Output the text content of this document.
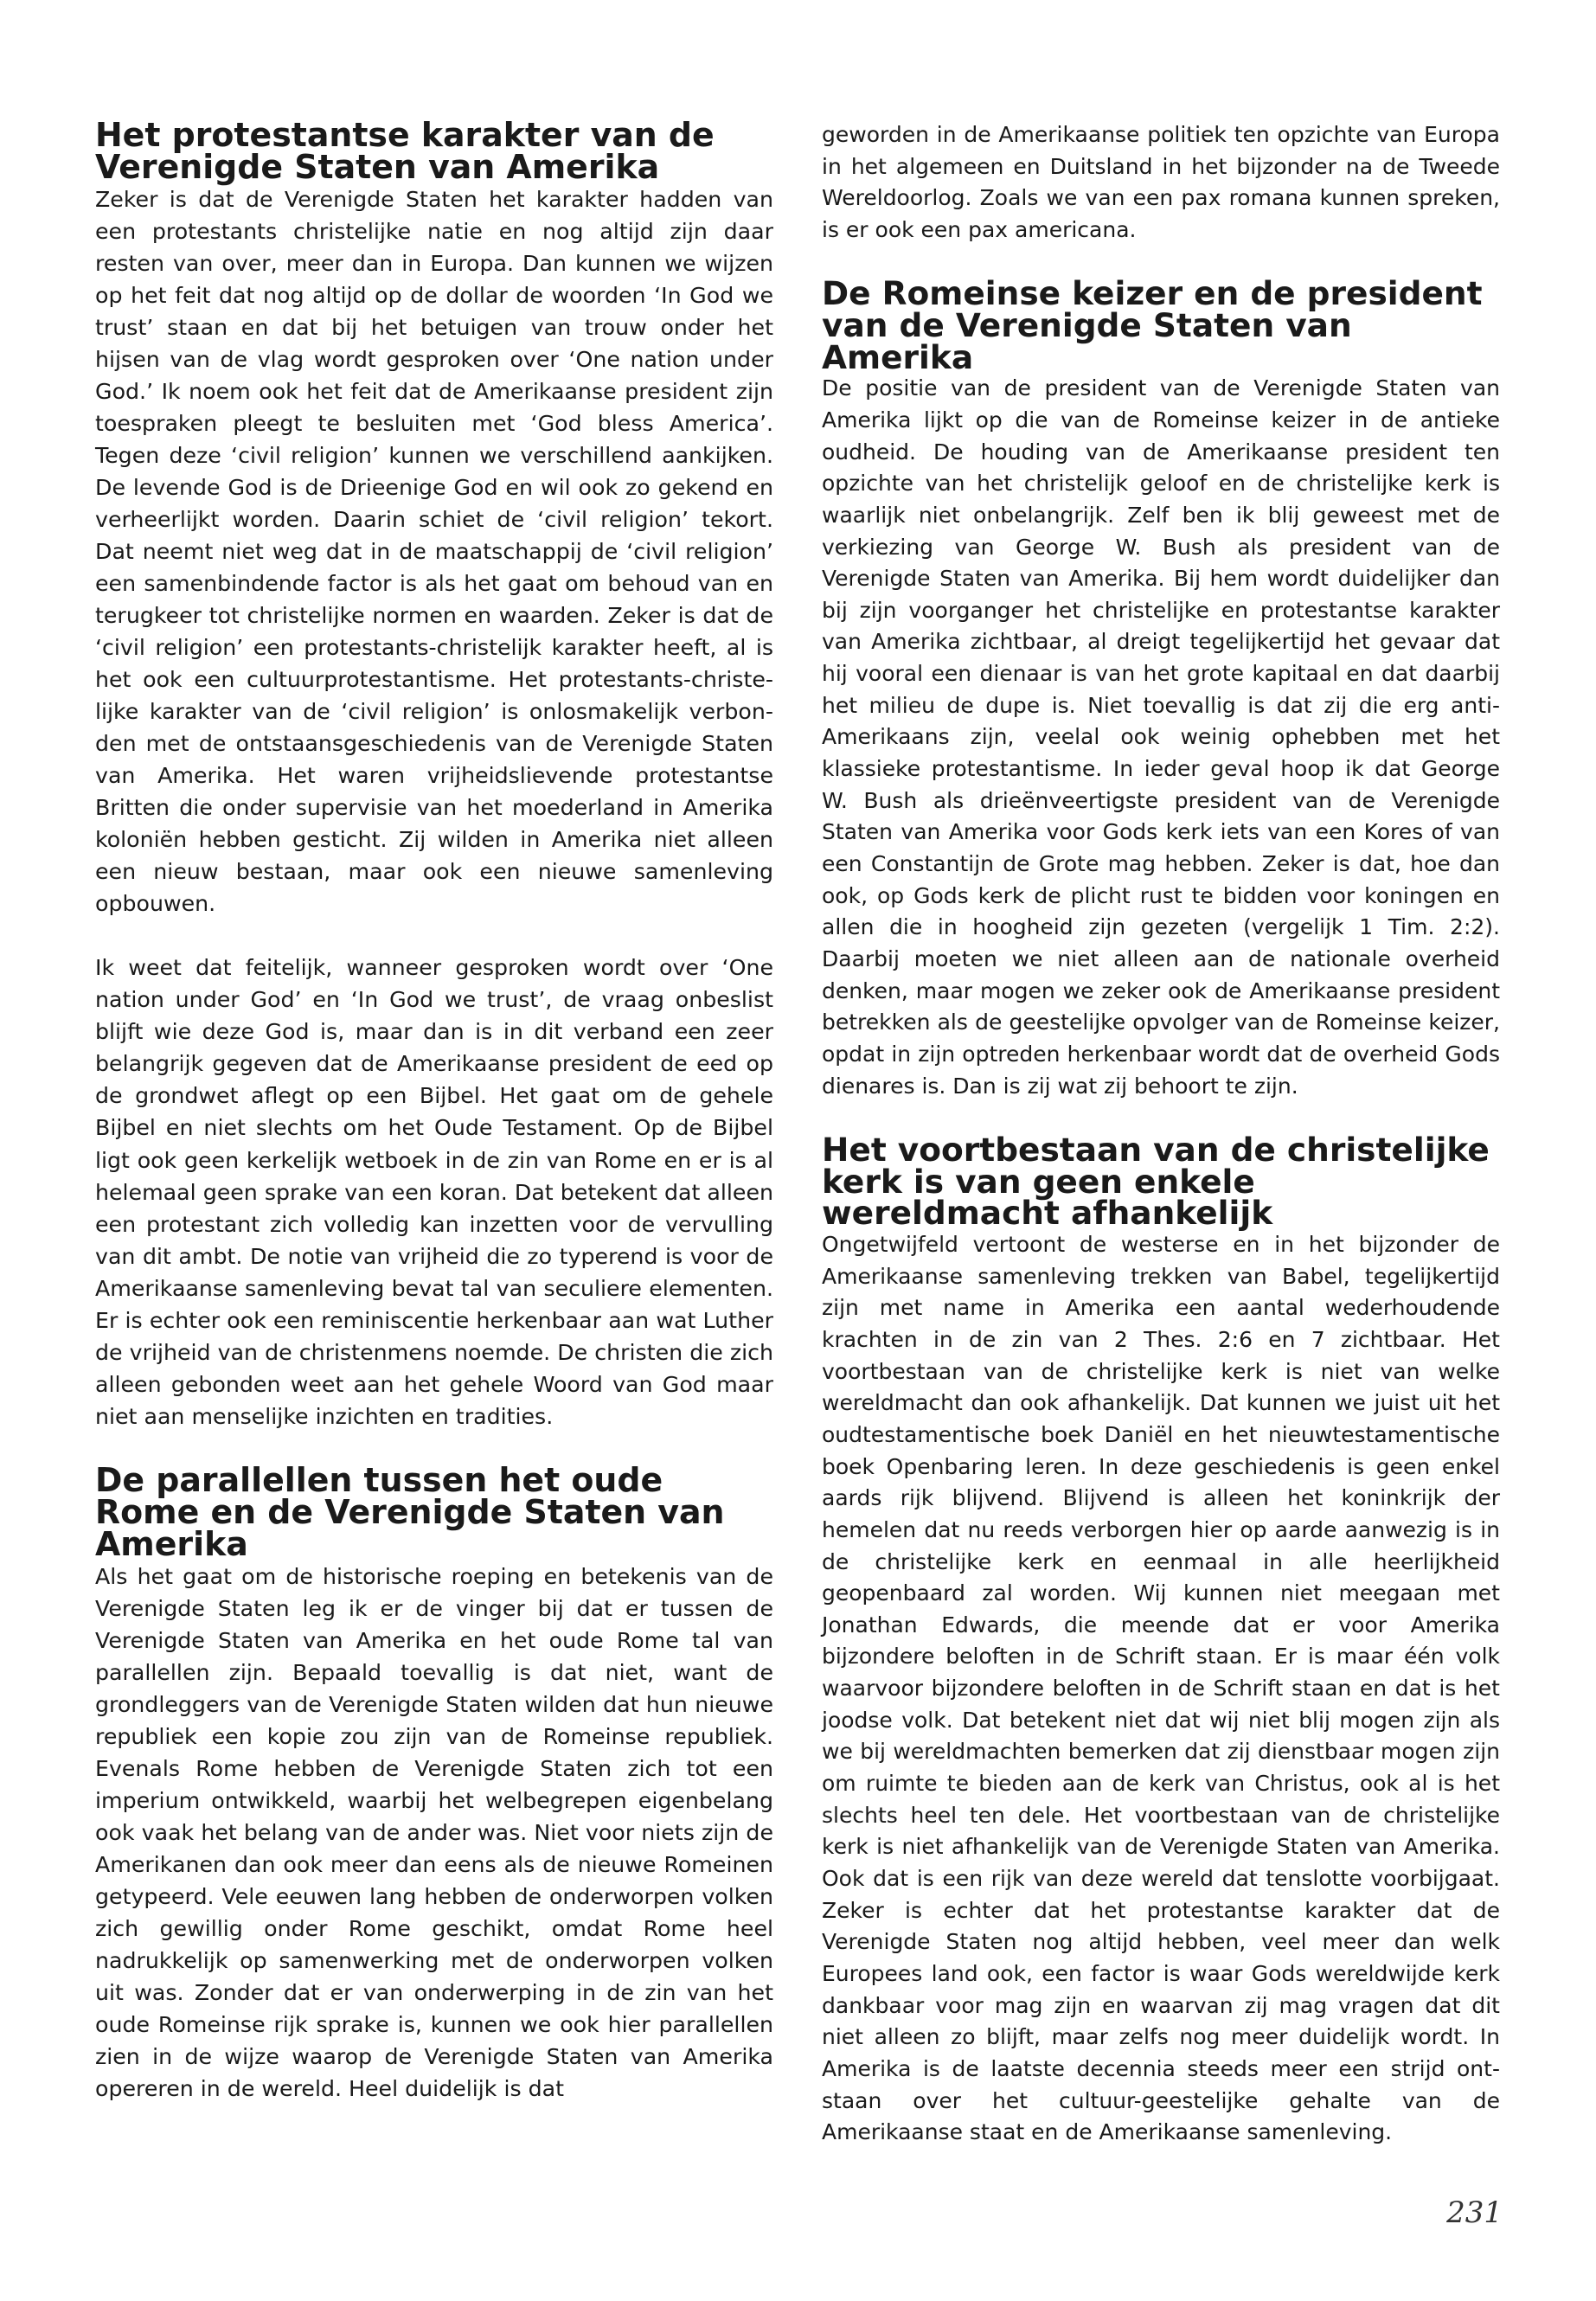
Het protestantse karakter van de Verenigde Staten van Amerika

Zeker is dat de Verenigde Staten het karakter hadden van een protestants christelijke natie en nog altijd zijn daar resten van over, meer dan in Europa. Dan kunnen we wijzen op het feit dat nog altijd op de dollar de woorden ‘In God we trust’ staan en dat bij het betuigen van trouw onder het hijsen van de vlag wordt gesproken over ‘One nation under God.’ Ik noem ook het feit dat de Amerikaanse president zijn toespraken pleegt te besluiten met ‘God bless America’. Tegen deze ‘civil religion’ kunnen we verschillend aankijken. De levende God is de Drieenige God en wil ook zo gekend en verheerlijkt worden. Daarin schiet de ‘civil religion’ tekort. Dat neemt niet weg dat in de maatschappij de ‘civil religion’ een samenbindende factor is als het gaat om behoud van en terugkeer tot christelijke normen en waarden. Zeker is dat de ‘civil religion’ een protestants-christelijk karakter heeft, al is het ook een cultuurprotestantisme. Het protestants-christelijke karakter van de ‘civil religion’ is onlosmakelijk verbonden met de ontstaansgeschiedenis van de Verenigde Staten van Amerika. Het waren vrijheidslievende protestantse Britten die onder supervisie van het moederland in Amerika koloniën hebben gesticht. Zij wilden in Amerika niet alleen een nieuw bestaan, maar ook een nieuwe samenleving opbouwen.

Ik weet dat feitelijk, wanneer gesproken wordt over ‘One nation under God’ en ‘In God we trust’, de vraag onbeslist blijft wie deze God is, maar dan is in dit verband een zeer belangrijk gegeven dat de Amerikaanse president de eed op de grondwet aflegt op een Bijbel. Het gaat om de gehele Bijbel en niet slechts om het Oude Testament. Op de Bijbel ligt ook geen kerkelijk wetboek in de zin van Rome en er is al helemaal geen sprake van een koran. Dat betekent dat alleen een protestant zich volledig kan inzetten voor de vervulling van dit ambt. De notie van vrijheid die zo typerend is voor de Amerikaanse samenleving bevat tal van seculiere elementen. Er is echter ook een reminiscentie herkenbaar aan wat Luther de vrijheid van de christenmens noemde. De christen die zich alleen gebonden weet aan het gehele Woord van God maar niet aan menselijke inzichten en tradities.

De parallellen tussen het oude Rome en de Verenigde Staten van Amerika

Als het gaat om de historische roeping en betekenis van de Verenigde Staten leg ik er de vinger bij dat er tussen de Verenigde Staten van Amerika en het oude Rome tal van parallellen zijn. Bepaald toevallig is dat niet, want de grondleggers van de Verenigde Staten wilden dat hun nieuwe republiek een kopie zou zijn van de Romeinse republiek. Evenals Rome hebben de Verenigde Staten zich tot een imperium ontwikkeld, waarbij het welbegrepen eigenbelang ook vaak het belang van de ander was. Niet voor niets zijn de Amerikanen dan ook meer dan eens als de nieuwe Romeinen getypeerd. Vele eeuwen lang hebben de onderworpen volken zich gewillig onder Rome geschikt, omdat Rome heel nadrukkelijk op samenwerking met de onderworpen volken uit was. Zonder dat er van onderwerping in de zin van het oude Romeinse rijk sprake is, kunnen we ook hier parallellen zien in de wijze waarop de Verenigde Staten van Amerika opereren in de wereld. Heel duidelijk is dat

geworden in de Amerikaanse politiek ten opzichte van Europa in het algemeen en Duitsland in het bijzonder na de Tweede Wereldoorlog. Zoals we van een pax romana kunnen spreken, is er ook een pax americana.

De Romeinse keizer en de president van de Verenigde Staten van Amerika

De positie van de president van de Verenigde Staten van Amerika lijkt op die van de Romeinse keizer in de antieke oudheid. De houding van de Amerikaanse president ten opzichte van het christelijk geloof en de christelijke kerk is waarlijk niet onbelangrijk. Zelf ben ik blij geweest met de verkiezing van George W. Bush als president van de Verenigde Staten van Amerika. Bij hem wordt duidelijker dan bij zijn voorganger het christelijke en protestantse karakter van Amerika zichtbaar, al dreigt tegelijkertijd het gevaar dat hij vooral een dienaar is van het grote kapitaal en dat daarbij het milieu de dupe is. Niet toevallig is dat zij die erg anti-Amerikaans zijn, veelal ook weinig ophebben met het klassieke protestantisme. In ieder geval hoop ik dat George W. Bush als drieënveertigste president van de Verenigde Staten van Amerika voor Gods kerk iets van een Kores of van een Constantijn de Grote mag hebben. Zeker is dat, hoe dan ook, op Gods kerk de plicht rust te bidden voor koningen en allen die in hoogheid zijn gezeten (vergelijk 1 Tim. 2:2). Daarbij moeten we niet alleen aan de nationale overheid denken, maar mogen we zeker ook de Amerikaanse president betrekken als de geestelijke opvolger van de Romeinse keizer, opdat in zijn optreden herkenbaar wordt dat de overheid Gods dienares is. Dan is zij wat zij behoort te zijn.

Het voortbestaan van de christelijke kerk is van geen enkele wereldmacht afhankelijk

Ongetwijfeld vertoont de westerse en in het bijzonder de Amerikaanse samenleving trekken van Babel, tegelijkertijd zijn met name in Amerika een aantal wederhoudende krachten in de zin van 2 Thes. 2:6 en 7 zichtbaar. Het voortbestaan van de christelijke kerk is niet van welke wereldmacht dan ook afhankelijk. Dat kunnen we juist uit het oudtestamentische boek Daniël en het nieuwtestamentische boek Openbaring leren. In deze geschiedenis is geen enkel aards rijk blijvend. Blijvend is alleen het koninkrijk der hemelen dat nu reeds verborgen hier op aarde aanwezig is in de christelijke kerk en eenmaal in alle heerlijkheid geopenbaard zal worden. Wij kunnen niet meegaan met Jonathan Edwards, die meende dat er voor Amerika bijzondere beloften in de Schrift staan. Er is maar één volk waarvoor bijzondere beloften in de Schrift staan en dat is het joodse volk. Dat betekent niet dat wij niet blij mogen zijn als we bij wereldmachten bemerken dat zij dienstbaar mogen zijn om ruimte te bieden aan de kerk van Christus, ook al is het slechts heel ten dele. Het voortbestaan van de christelijke kerk is niet afhankelijk van de Verenigde Staten van Amerika. Ook dat is een rijk van deze wereld dat tenslotte voorbijgaat. Zeker is echter dat het protestantse karakter dat de Verenigde Staten nog altijd hebben, veel meer dan welk Europees land ook, een factor is waar Gods wereldwijde kerk dankbaar voor mag zijn en waarvan zij mag vragen dat dit niet alleen zo blijft, maar zelfs nog meer duidelijk wordt. In Amerika is de laatste decennia steeds meer een strijd ontstaan over het cultuur-geestelijke gehalte van de Amerikaanse staat en de Amerikaanse samenleving.

231
